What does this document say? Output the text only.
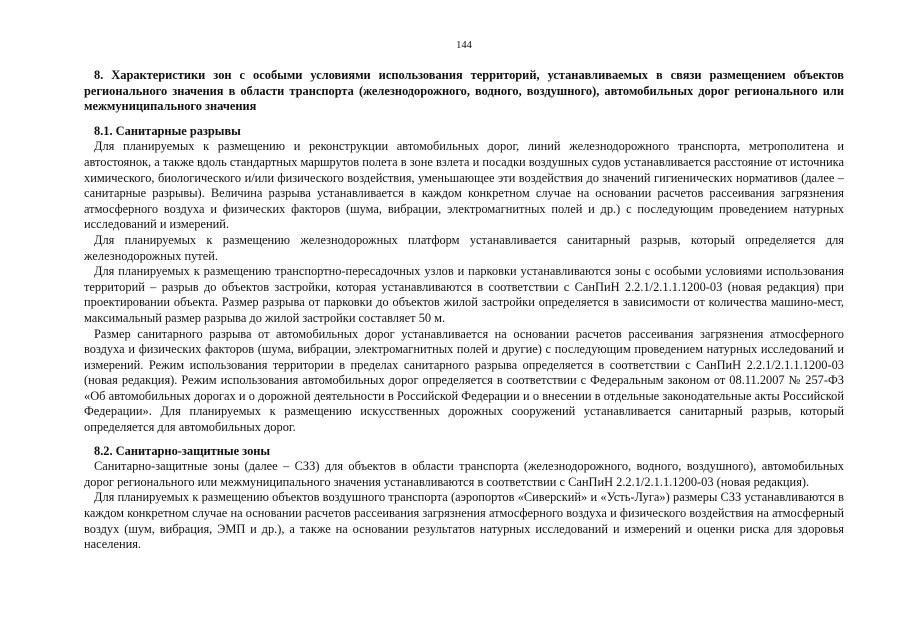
144

8. Характеристики зон с особыми условиями использования территорий, устанавливаемых в связи размещением объектов регионального значения в области транспорта (железнодорожного, водного, воздушного), автомобильных дорог регионального или межмуниципального значения

8.1. Санитарные разрывы

Для планируемых к размещению и реконструкции автомобильных дорог, линий железнодорожного транспорта, метрополитена и автостоянок, а также вдоль стандартных маршрутов полета в зоне взлета и посадки воздушных судов устанавливается расстояние от источника химического, биологического и/или физического воздействия, уменьшающее эти воздействия до значений гигиенических нормативов (далее – санитарные разрывы). Величина разрыва устанавливается в каждом конкретном случае на основании расчетов рассеивания загрязнения атмосферного воздуха и физических факторов (шума, вибрации, электромагнитных полей и др.) с последующим проведением натурных исследований и измерений.

Для планируемых к размещению железнодорожных платформ устанавливается санитарный разрыв, который определяется для железнодорожных путей.

Для планируемых к размещению транспортно-пересадочных узлов и парковки устанавливаются зоны с особыми условиями использования территорий – разрыв до объектов застройки, которая устанавливаются в соответствии с СанПиН 2.2.1/2.1.1.1200-03 (новая редакция) при проектировании объекта. Размер разрыва от парковки до объектов жилой застройки определяется в зависимости от количества машино-мест, максимальный размер разрыва до жилой застройки составляет 50 м.

Размер санитарного разрыва от автомобильных дорог устанавливается на основании расчетов рассеивания загрязнения атмосферного воздуха и физических факторов (шума, вибрации, электромагнитных полей и другие) с последующим проведением натурных исследований и измерений. Режим использования территории в пределах санитарного разрыва определяется в соответствии с СанПиН 2.2.1/2.1.1.1200-03 (новая редакция). Режим использования автомобильных дорог определяется в соответствии с Федеральным законом от 08.11.2007 № 257-ФЗ «Об автомобильных дорогах и о дорожной деятельности в Российской Федерации и о внесении в отдельные законодательные акты Российской Федерации». Для планируемых к размещению искусственных дорожных сооружений устанавливается санитарный разрыв, который определяется для автомобильных дорог.

8.2. Санитарно-защитные зоны

Санитарно-защитные зоны (далее – СЗЗ) для объектов в области транспорта (железнодорожного, водного, воздушного), автомобильных дорог регионального или межмуниципального значения устанавливаются в соответствии с СанПиН 2.2.1/2.1.1.1200-03 (новая редакция).

Для планируемых к размещению объектов воздушного транспорта (аэропортов «Сиверский» и «Усть-Луга») размеры СЗЗ устанавливаются в каждом конкретном случае на основании расчетов рассеивания загрязнения атмосферного воздуха и физического воздействия на атмосферный воздух (шум, вибрация, ЭМП и др.), а также на основании результатов натурных исследований и измерений и оценки риска для здоровья населения.
